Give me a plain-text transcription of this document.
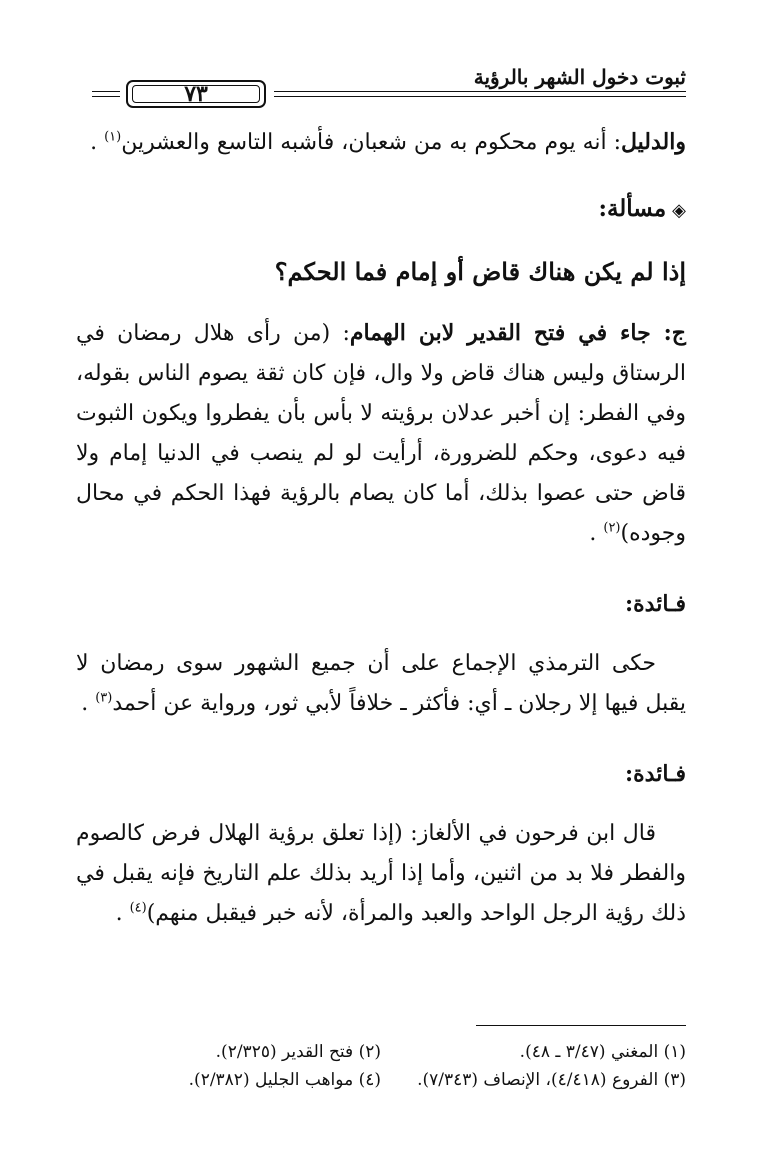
ثبوت دخول الشهر بالرؤية
٧٣

والدليل: أنه يوم محكوم به من شعبان، فأشبه التاسع والعشرين$^{(١)}$ .

◈مسألة:

إذا لم يكن هناك قاض أو إمام فما الحكم؟

ج: جاء في فتح القدير لابن الهمام: (من رأى هلال رمضان في الرستاق وليس هناك قاض ولا وال، فإن كان ثقة يصوم الناس بقوله، وفي الفطر: إن أخبر عدلان برؤيته لا بأس بأن يفطروا ويكون الثبوت فيه دعوى، وحكم للضرورة، أرأيت لو لم ينصب في الدنيا إمام ولا قاض حتى عصوا بذلك، أما كان يصام بالرؤية فهذا الحكم في محال وجوده)$^{(٢)}$ .

فـائدة:

حكى الترمذي الإجماع على أن جميع الشهور سوى رمضان لا يقبل فيها إلا رجلان ـ أي: فأكثر ـ خلافاً لأبي ثور، ورواية عن أحمد$^{(٣)}$ .

فـائدة:

قال ابن فرحون في الألغاز: (إذا تعلق برؤية الهلال فرض كالصوم والفطر فلا بد من اثنين، وأما إذا أريد بذلك علم التاريخ فإنه يقبل في ذلك رؤية الرجل الواحد والعبد والمرأة، لأنه خبر فيقبل منهم)$^{(٤)}$ .

(١) المغني (٣/٤٧ ـ ٤٨).
(٢) فتح القدير (٢/٣٢٥).
(٣) الفروع (٤/٤١٨)، الإنصاف (٧/٣٤٣).
(٤) مواهب الجليل (٢/٣٨٢).
